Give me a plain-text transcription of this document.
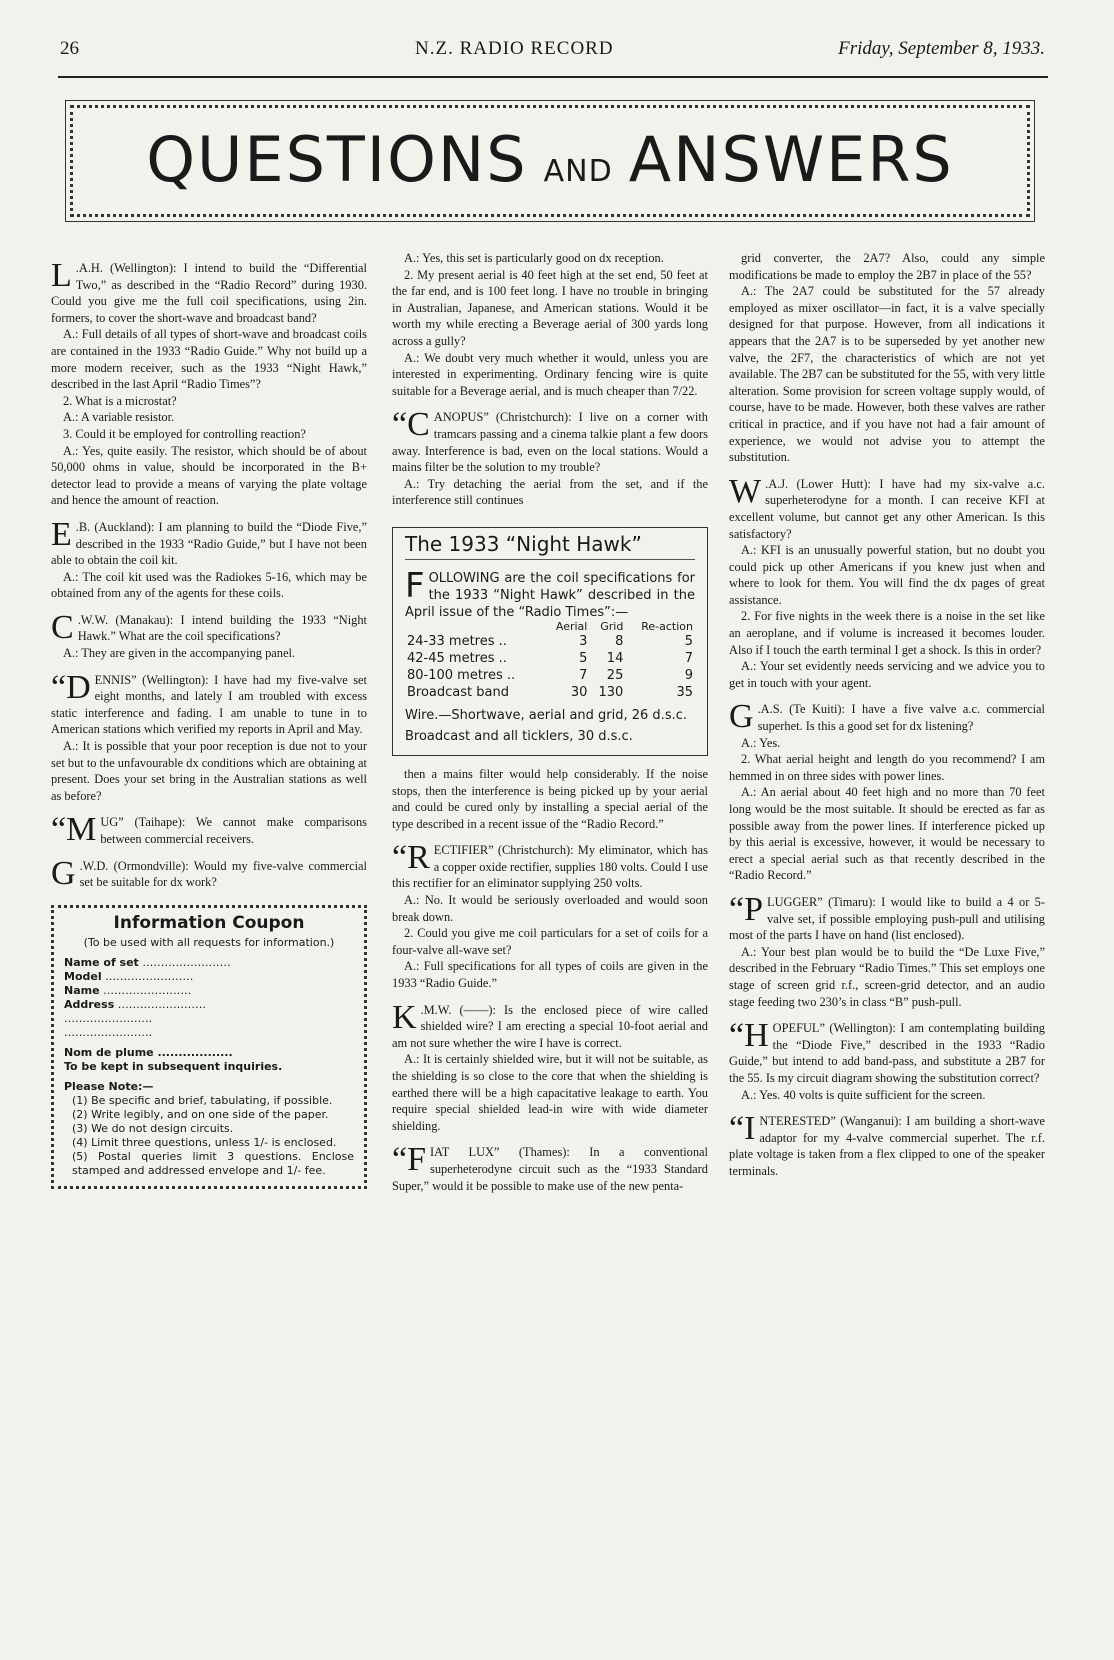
26	N.Z. RADIO RECORD	Friday, September 8, 1933.
QUESTIONS AND ANSWERS

L .A.H. (Wellington): I intend to build the “Differential Two,” as described in the “Radio Record” during 1930. Could you give me the full coil specifications, using 2in. formers, to cover the short-wave and broadcast band?

A.: Full details of all types of short-wave and broadcast coils are contained in the 1933 “Radio Guide.” Why not build up a more modern receiver, such as the 1933 “Night Hawk,” described in the last April “Radio Times”?

2. What is a microstat?

A.: A variable resistor.

3. Could it be employed for controlling reaction?

A.: Yes, quite easily. The resistor, which should be of about 50,000 ohms in value, should be incorporated in the B+ detector lead to provide a means of varying the plate voltage and hence the amount of reaction.

E .B. (Auckland): I am planning to build the “Diode Five,” described in the 1933 “Radio Guide,” but I have not been able to obtain the coil kit.

A.: The coil kit used was the Radiokes 5-16, which may be obtained from any of the agents for these coils.

C .W.W. (Manakau): I intend building the 1933 “Night Hawk.” What are the coil specifications?

A.: They are given in the accompanying panel.

“DENNIS” (Wellington): I have had my five-valve set eight months, and lately I am troubled with excess static interference and fading. I am unable to tune in to American stations which verified my reports in April and May.

A.: It is possible that your poor reception is due not to your set but to the unfavourable dx conditions which are obtaining at present. Does your set bring in the Australian stations as well as before?

“MUG” (Taihape): We cannot make comparisons between commercial receivers.

G .W.D. (Ormondville): Would my five-valve commercial set be suitable for dx work?

Information Coupon
(To be used with all requests for information.)
Name of set ․․․․․․․․․․․․․․․․․․․․․․․․
Model ․․․․․․․․․․․․․․․․․․․․․․․․
Name ․․․․․․․․․․․․․․․․․․․․․․․․
Address ․․․․․․․․․․․․․․․․․․․․․․․․
․․․․․․․․․․․․․․․․․․․․․․․․
․․․․․․․․․․․․․․․․․․․․․․․․
Nom de plume ..................
To be kept in subsequent inquiries.
Please Note:—
(1) Be specific and brief, tabulating, if possible.
(2) Write legibly, and on one side of the paper.
(3) We do not design circuits.
(4) Limit three questions, unless 1/- is enclosed.
(5) Postal queries limit 3 questions. Enclose stamped and addressed envelope and 1/- fee.

A.: Yes, this set is particularly good on dx reception.

2. My present aerial is 40 feet high at the set end, 50 feet at the far end, and is 100 feet long. I have no trouble in bringing in Australian, Japanese, and American stations. Would it be worth my while erecting a Beverage aerial of 300 yards long across a gully?

A.: We doubt very much whether it would, unless you are interested in experimenting. Ordinary fencing wire is quite suitable for a Beverage aerial, and is much cheaper than 7/22.

“CANOPUS” (Christchurch): I live on a corner with tramcars passing and a cinema talkie plant a few doors away. Interference is bad, even on the local stations. Would a mains filter be the solution to my trouble?

A.: Try detaching the aerial from the set, and if the interference still continues

The 1933 “Night Hawk”

FOLLOWING are the coil specifications for the 1933 “Night Hawk” described in the April issue of the “Radio Times”:—

	Aerial	Grid	Re-action
24-33 metres ..	3	8	5
42-45 metres ..	5	14	7
80-100 metres ..	7	25	9
Broadcast band	30	130	35

Wire.—Shortwave, aerial and grid, 26 d.s.c.

Broadcast and all ticklers, 30 d.s.c.

then a mains filter would help considerably. If the noise stops, then the interference is being picked up by your aerial and could be cured only by installing a special aerial of the type described in a recent issue of the “Radio Record.”

“RECTIFIER” (Christchurch): My eliminator, which has a copper oxide rectifier, supplies 180 volts. Could I use this rectifier for an eliminator supplying 250 volts.

A.: No. It would be seriously overloaded and would soon break down.

2. Could you give me coil particulars for a set of coils for a four-valve all-wave set?

A.: Full specifications for all types of coils are given in the 1933 “Radio Guide.”

K .M.W. (——): Is the enclosed piece of wire called shielded wire? I am erecting a special 10-foot aerial and am not sure whether the wire I have is correct.

A.: It is certainly shielded wire, but it will not be suitable, as the shielding is so close to the core that when the shielding is earthed there will be a high capacitative leakage to earth. You require special shielded lead-in wire with wide diameter shielding.

“FIAT LUX” (Thames): In a conventional superheterodyne circuit such as the “1933 Standard Super,” would it be possible to make use of the new penta-

grid converter, the 2A7? Also, could any simple modifications be made to employ the 2B7 in place of the 55?

A.: The 2A7 could be substituted for the 57 already employed as mixer oscillator—in fact, it is a valve specially designed for that purpose. However, from all indications it appears that the 2A7 is to be superseded by yet another new valve, the 2F7, the characteristics of which are not yet available. The 2B7 can be substituted for the 55, with very little alteration. Some provision for screen voltage supply would, of course, have to be made. However, both these valves are rather critical in practice, and if you have not had a fair amount of experience, we would not advise you to attempt the substitution.

W .A.J. (Lower Hutt): I have had my six-valve a.c. superheterodyne for a month. I can receive KFI at excellent volume, but cannot get any other American. Is this satisfactory?

A.: KFI is an unusually powerful station, but no doubt you could pick up other Americans if you knew just when and where to look for them. You will find the dx pages of great assistance.

2. For five nights in the week there is a noise in the set like an aeroplane, and if volume is increased it becomes louder. Also if I touch the earth terminal I get a shock. Is this in order?

A.: Your set evidently needs servicing and we advice you to get in touch with your agent.

G .A.S. (Te Kuiti): I have a five valve a.c. commercial superhet. Is this a good set for dx listening?

A.: Yes.

2. What aerial height and length do you recommend? I am hemmed in on three sides with power lines.

A.: An aerial about 40 feet high and no more than 70 feet long would be the most suitable. It should be erected as far as possible away from the power lines. If interference picked up by this aerial is excessive, however, it would be necessary to erect a special aerial such as that recently described in the “Radio Record.”

“PLUGGER” (Timaru): I would like to build a 4 or 5-valve set, if possible employing push-pull and utilising most of the parts I have on hand (list enclosed).

A.: Your best plan would be to build the “De Luxe Five,” described in the February “Radio Times.” This set employs one stage of screen grid r.f., screen-grid detector, and an audio stage feeding two 230’s in class “B” push-pull.

“HOPEFUL” (Wellington): I am contemplating building the “Diode Five,” described in the 1933 “Radio Guide,” but intend to add band-pass, and substitute a 2B7 for the 55. Is my circuit diagram showing the substitution correct?

A.: Yes. 40 volts is quite sufficient for the screen.

“INTERESTED” (Wanganui): I am building a short-wave adaptor for my 4-valve commercial superhet. The r.f. plate voltage is taken from a flex clipped to one of the speaker terminals.
